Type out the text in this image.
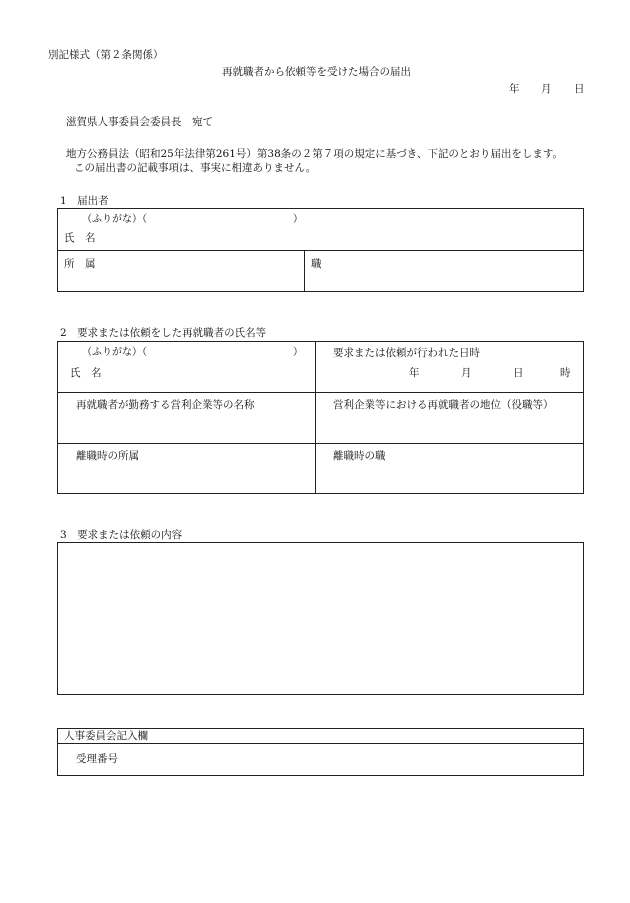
別記様式（第２条関係）
再就職者から依頼等を受けた場合の届出
年 月 日
滋賀県人事委員会委員長　宛て
地方公務員法（昭和25年法律第261号）第38条の２第７項の規定に基づき、下記のとおり届出をします。
この届出書の記載事項は、事実に相違ありません。
1　届出者
（ふりがな）（	）
氏　名
所　属	職
2　要求または依頼をした再就職者の氏名等
（ふりがな）（	）
氏　名
要求または依頼が行われた日時
年	月	日	時
再就職者が勤務する営利企業等の名称	営利企業等における再就職者の地位（役職等）
離職時の所属	離職時の職
3　要求または依頼の内容
人事委員会記入欄
受理番号
